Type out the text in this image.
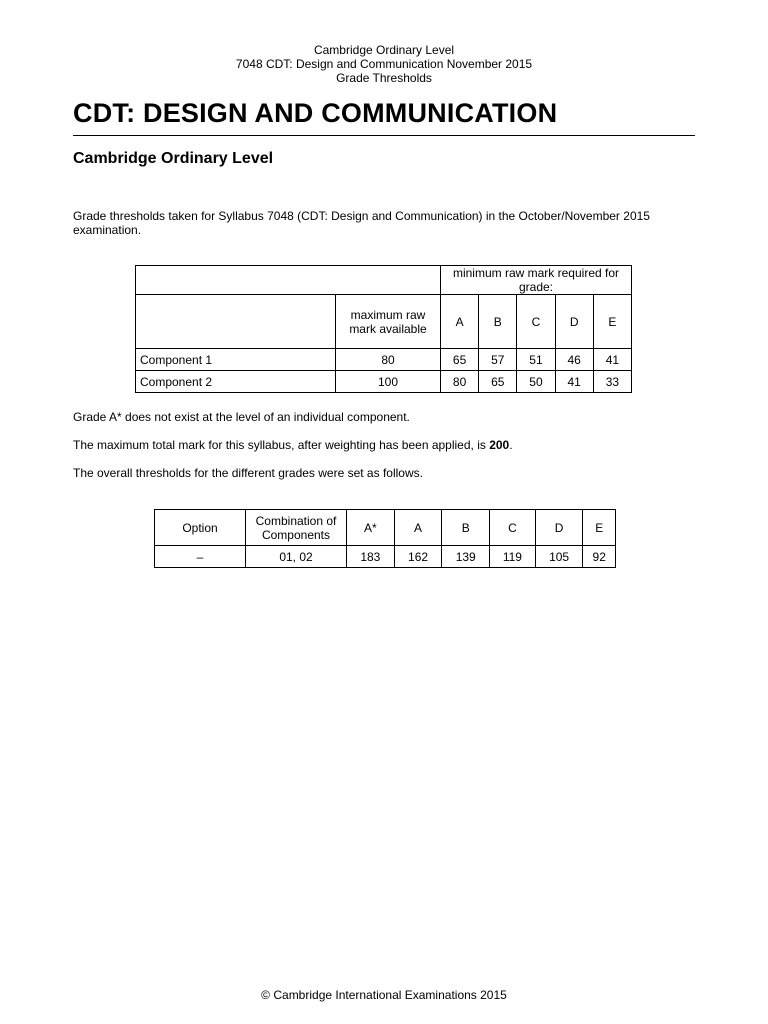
Cambridge Ordinary Level
7048 CDT: Design and Communication November 2015
Grade Thresholds
CDT: DESIGN AND COMMUNICATION
Cambridge Ordinary Level

Grade thresholds taken for Syllabus 7048 (CDT: Design and Communication) in the October/November 2015 examination.

		minimum raw mark required for grade:				
	maximum raw mark available	A	B	C	D	E
Component 1	80	65	57	51	46	41
Component 2	100	80	65	50	41	33

Grade A* does not exist at the level of an individual component.

The maximum total mark for this syllabus, after weighting has been applied, is 200.

The overall thresholds for the different grades were set as follows.

Option	Combination of Components	A*	A	B	C	D	E
–	01, 02	183	162	139	119	105	92
© Cambridge International Examinations 2015
